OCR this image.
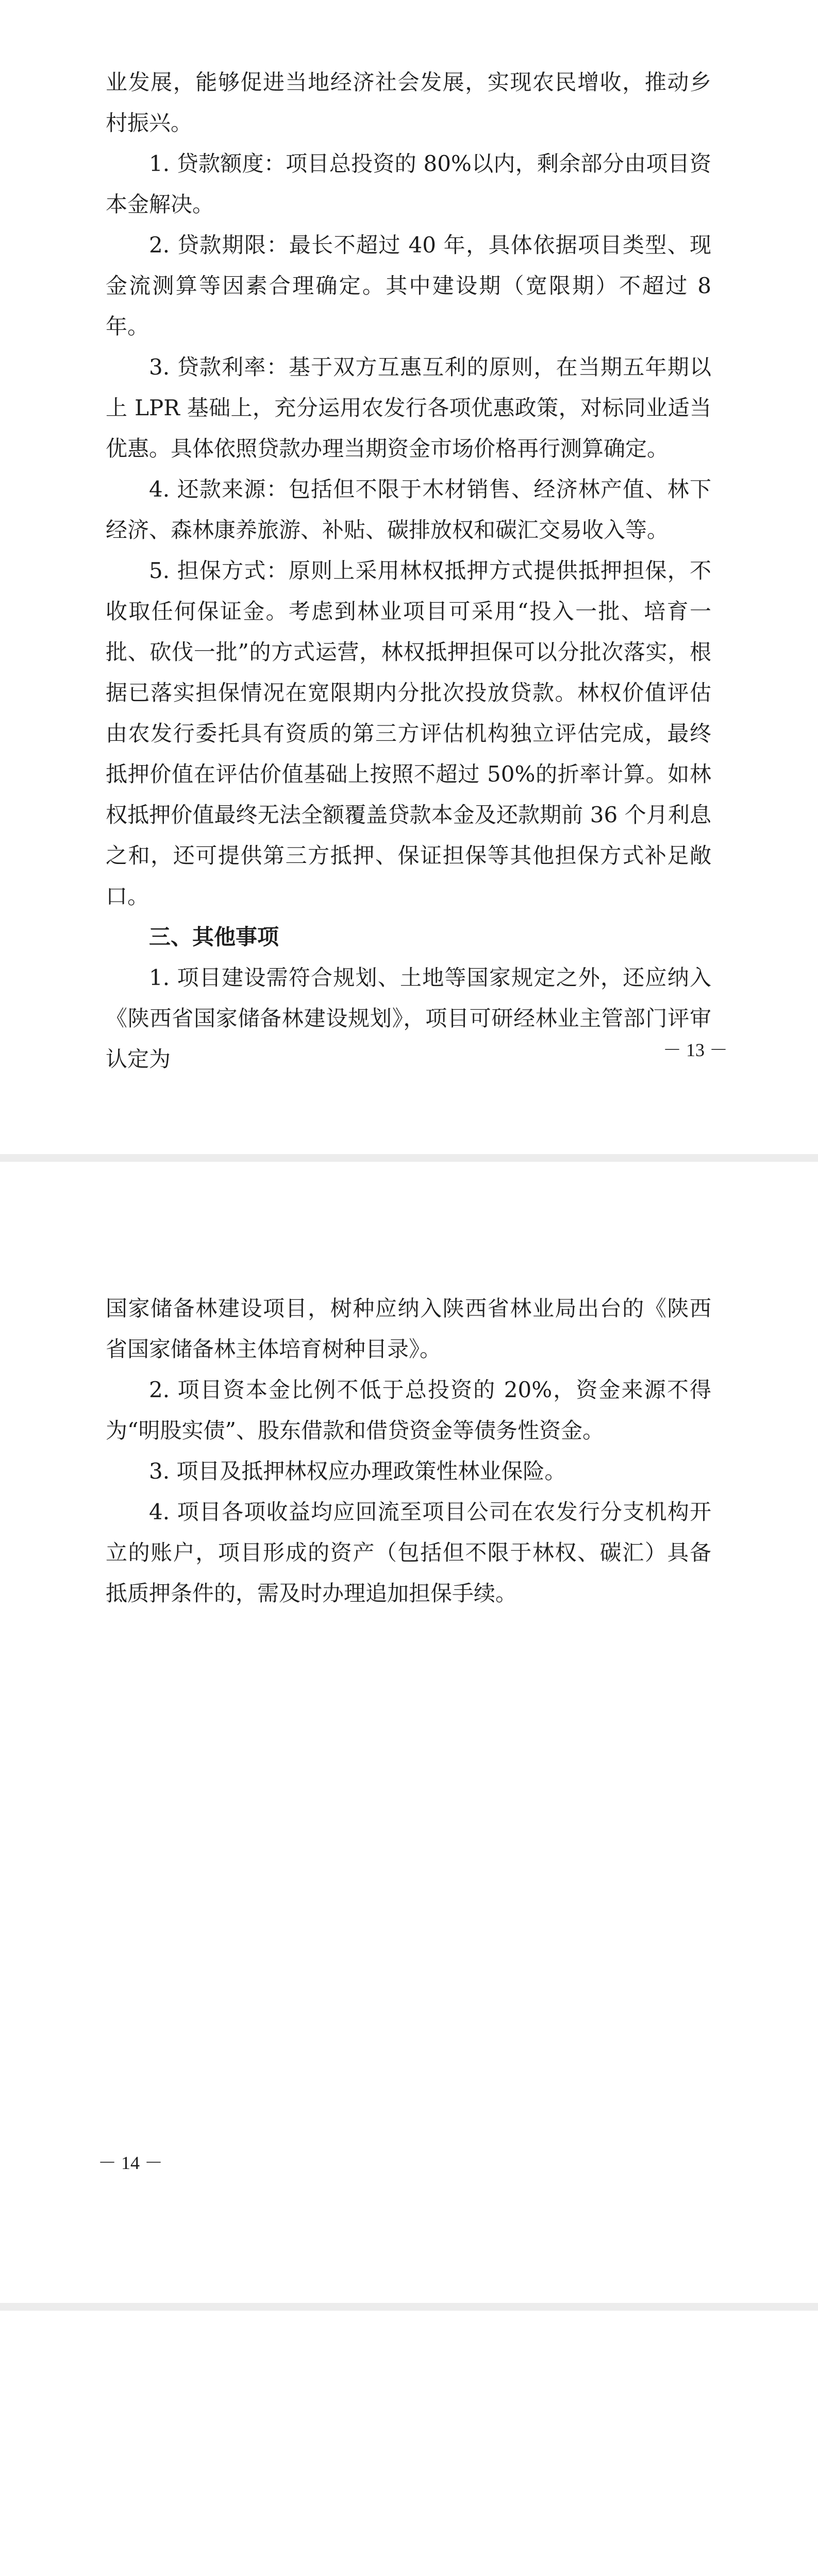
业发展，能够促进当地经济社会发展，实现农民增收，推动乡村振兴。

1. 贷款额度：项目总投资的 80%以内，剩余部分由项目资本金解决。

2. 贷款期限：最长不超过 40 年，具体依据项目类型、现金流测算等因素合理确定。其中建设期（宽限期）不超过 8 年。

3. 贷款利率：基于双方互惠互利的原则，在当期五年期以上 LPR 基础上，充分运用农发行各项优惠政策，对标同业适当优惠。具体依照贷款办理当期资金市场价格再行测算确定。

4. 还款来源：包括但不限于木材销售、经济林产值、林下经济、森林康养旅游、补贴、碳排放权和碳汇交易收入等。

5. 担保方式：原则上采用林权抵押方式提供抵押担保，不收取任何保证金。考虑到林业项目可采用“投入一批、培育一批、砍伐一批”的方式运营，林权抵押担保可以分批次落实，根据已落实担保情况在宽限期内分批次投放贷款。林权价值评估由农发行委托具有资质的第三方评估机构独立评估完成，最终抵押价值在评估价值基础上按照不超过 50%的折率计算。如林权抵押价值最终无法全额覆盖贷款本金及还款期前 36 个月利息之和，还可提供第三方抵押、保证担保等其他担保方式补足敞口。

三、其他事项

1. 项目建设需符合规划、土地等国家规定之外，还应纳入《陕西省国家储备林建设规划》，项目可研经林业主管部门评审认定为	－ 13 －

国家储备林建设项目，树种应纳入陕西省林业局出台的《陕西省国家储备林主体培育树种目录》。

2. 项目资本金比例不低于总投资的 20%，资金来源不得为“明股实债”、股东借款和借贷资金等债务性资金。

3. 项目及抵押林权应办理政策性林业保险。

4. 项目各项收益均应回流至项目公司在农发行分支机构开立的账户，项目形成的资产（包括但不限于林权、碳汇）具备抵质押条件的，需及时办理追加担保手续。

－ 14 －
